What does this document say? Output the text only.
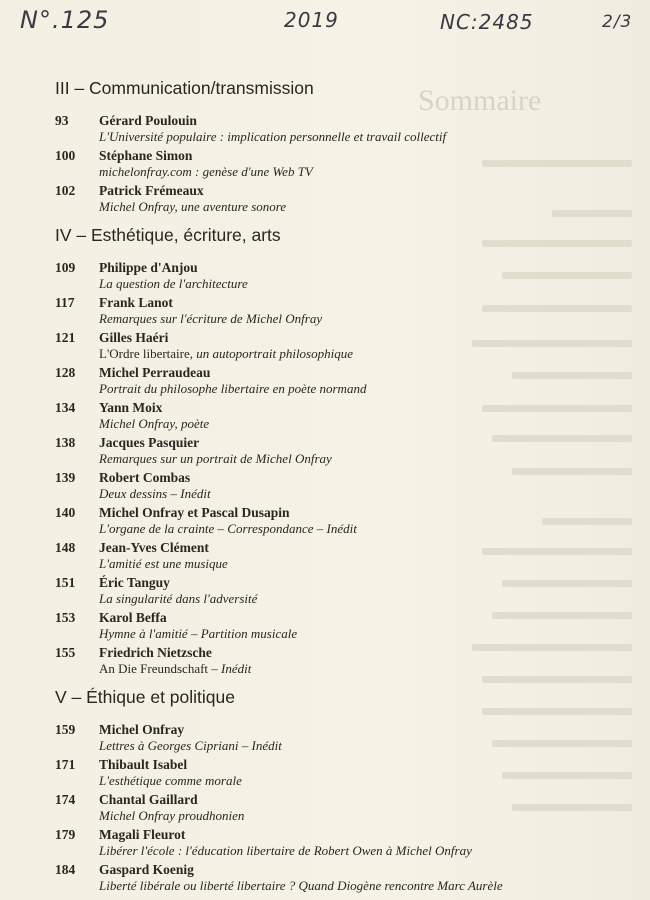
N°.125	2019	NC:2485	2/3
Sommaire
III – Communication/transmission
93	Gérard Poulouin
L'Université populaire : implication personnelle et travail collectif
100	Stéphane Simon
michelonfray.com : genèse d'une Web TV
102	Patrick Frémeaux
Michel Onfray, une aventure sonore
IV – Esthétique, écriture, arts
109	Philippe d'Anjou
La question de l'architecture
117	Frank Lanot
Remarques sur l'écriture de Michel Onfray
121	Gilles Haéri
L'Ordre libertaire, un autoportrait philosophique
128	Michel Perraudeau
Portrait du philosophe libertaire en poète normand
134	Yann Moix
Michel Onfray, poète
138	Jacques Pasquier
Remarques sur un portrait de Michel Onfray
139	Robert Combas
Deux dessins – Inédit
140	Michel Onfray et Pascal Dusapin
L'organe de la crainte – Correspondance – Inédit
148	Jean-Yves Clément
L'amitié est une musique
151	Éric Tanguy
La singularité dans l'adversité
153	Karol Beffa
Hymne à l'amitié – Partition musicale
155	Friedrich Nietzsche
An Die Freundschaft – Inédit
V – Éthique et politique
159	Michel Onfray
Lettres à Georges Cipriani – Inédit
171	Thibault Isabel
L'esthétique comme morale
174	Chantal Gaillard
Michel Onfray proudhonien
179	Magali Fleurot
Libérer l'école : l'éducation libertaire de Robert Owen à Michel Onfray
184	Gaspard Koenig
Liberté libérale ou liberté libertaire ? Quand Diogène rencontre Marc Aurèle
